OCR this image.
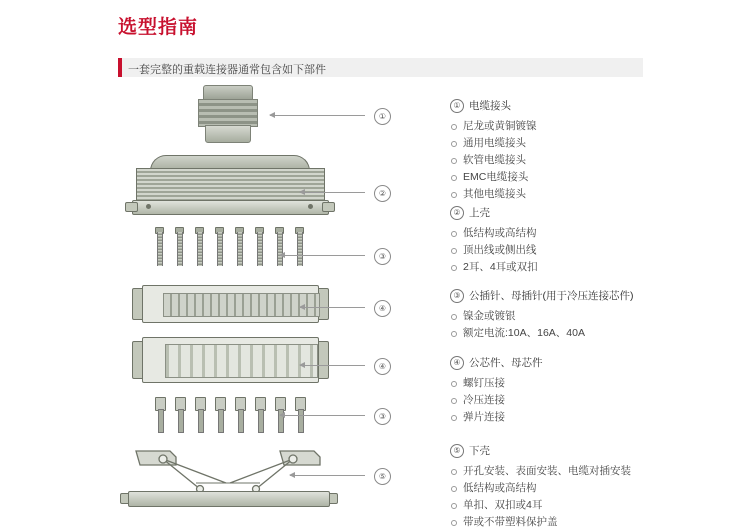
选型指南
一套完整的重载连接器通常包含如下部件
①
②
③
④
④
③
⑤
① 电缆接头
尼龙或黄铜镀镍
通用电缆接头
软管电缆接头
EMC电缆接头
其他电缆接头
② 上壳
低结构或高结构
顶出线或侧出线
2耳、4耳或双扣
③ 公插针、母插针(用于冷压连接芯件)
镍金或镀银
额定电流:10A、16A、40A
④ 公芯件、母芯件
螺钉压接
冷压连接
弹片连接
⑤ 下壳
开孔安装、表面安装、电缆对插安装
低结构或高结构
单扣、双扣或4耳
带或不带塑料保护盖
